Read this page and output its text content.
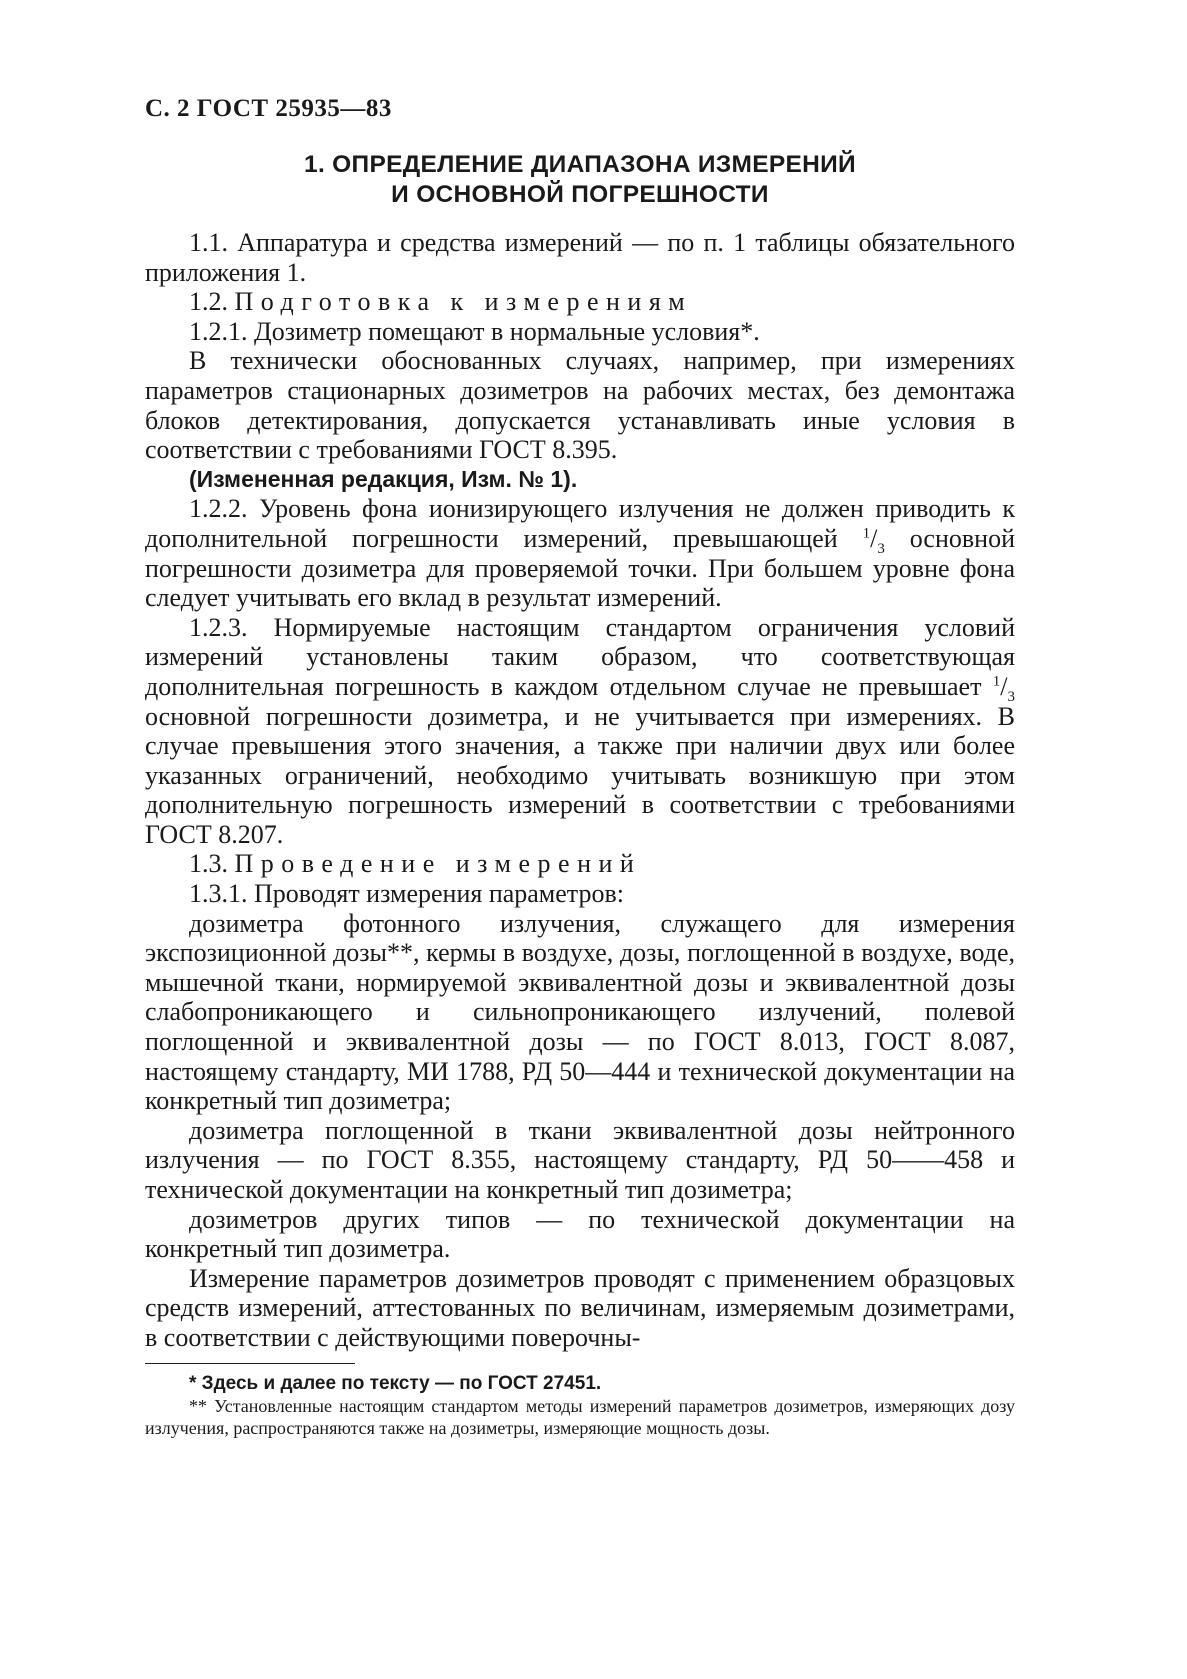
С. 2 ГОСТ 25935—83
1. ОПРЕДЕЛЕНИЕ ДИАПАЗОНА ИЗМЕРЕНИЙ
И ОСНОВНОЙ ПОГРЕШНОСТИ

1.1. Аппаратура и средства измерений — по п. 1 таблицы обязательного приложения 1.

1.2. Подготовка к измерениям

1.2.1. Дозиметр помещают в нормальные условия*.

В технически обоснованных случаях, например, при измерениях параметров стационарных дозиметров на рабочих местах, без демонтажа блоков детектирования, допускается устанавливать иные условия в соответствии с требованиями ГОСТ 8.395.

(Измененная редакция, Изм. № 1).

1.2.2. Уровень фона ионизирующего излучения не должен приводить к дополнительной погрешности измерений, превышающей $^1/_3$ основной погрешности дозиметра для проверяемой точки. При большем уровне фона следует учитывать его вклад в результат измерений.

1.2.3. Нормируемые настоящим стандартом ограничения условий измерений установлены таким образом, что соответствующая дополнительная погрешность в каждом отдельном случае не превышает $^1/_3$ основной погрешности дозиметра, и не учитывается при измерениях. В случае превышения этого значения, а также при наличии двух или более указанных ограничений, необходимо учитывать возникшую при этом дополнительную погрешность измерений в соответствии с требованиями ГОСТ 8.207.

1.3. Проведение измерений

1.3.1. Проводят измерения параметров:

дозиметра фотонного излучения, служащего для измерения экспозиционной дозы**, кермы в воздухе, дозы, поглощенной в воздухе, воде, мышечной ткани, нормируемой эквивалентной дозы и эквивалентной дозы слабопроникающего и сильнопроникающего излучений, полевой поглощенной и эквивалентной дозы — по ГОСТ 8.013, ГОСТ 8.087, настоящему стандарту, МИ 1788, РД 50—444 и технической документации на конкретный тип дозиметра;

дозиметра поглощенной в ткани эквивалентной дозы нейтронного излучения — по ГОСТ 8.355, настоящему стандарту, РД 50——458 и технической документации на конкретный тип дозиметра;

дозиметров других типов — по технической документации на конкретный тип дозиметра.

Измерение параметров дозиметров проводят с применением образцовых средств измерений, аттестованных по величинам, измеряемым дозиметрами, в соответствии с действующими поверочны-

* Здесь и далее по тексту — по ГОСТ 27451.

** Установленные настоящим стандартом методы измерений параметров дозиметров, измеряющих дозу излучения, распространяются также на дозиметры, измеряющие мощность дозы.
